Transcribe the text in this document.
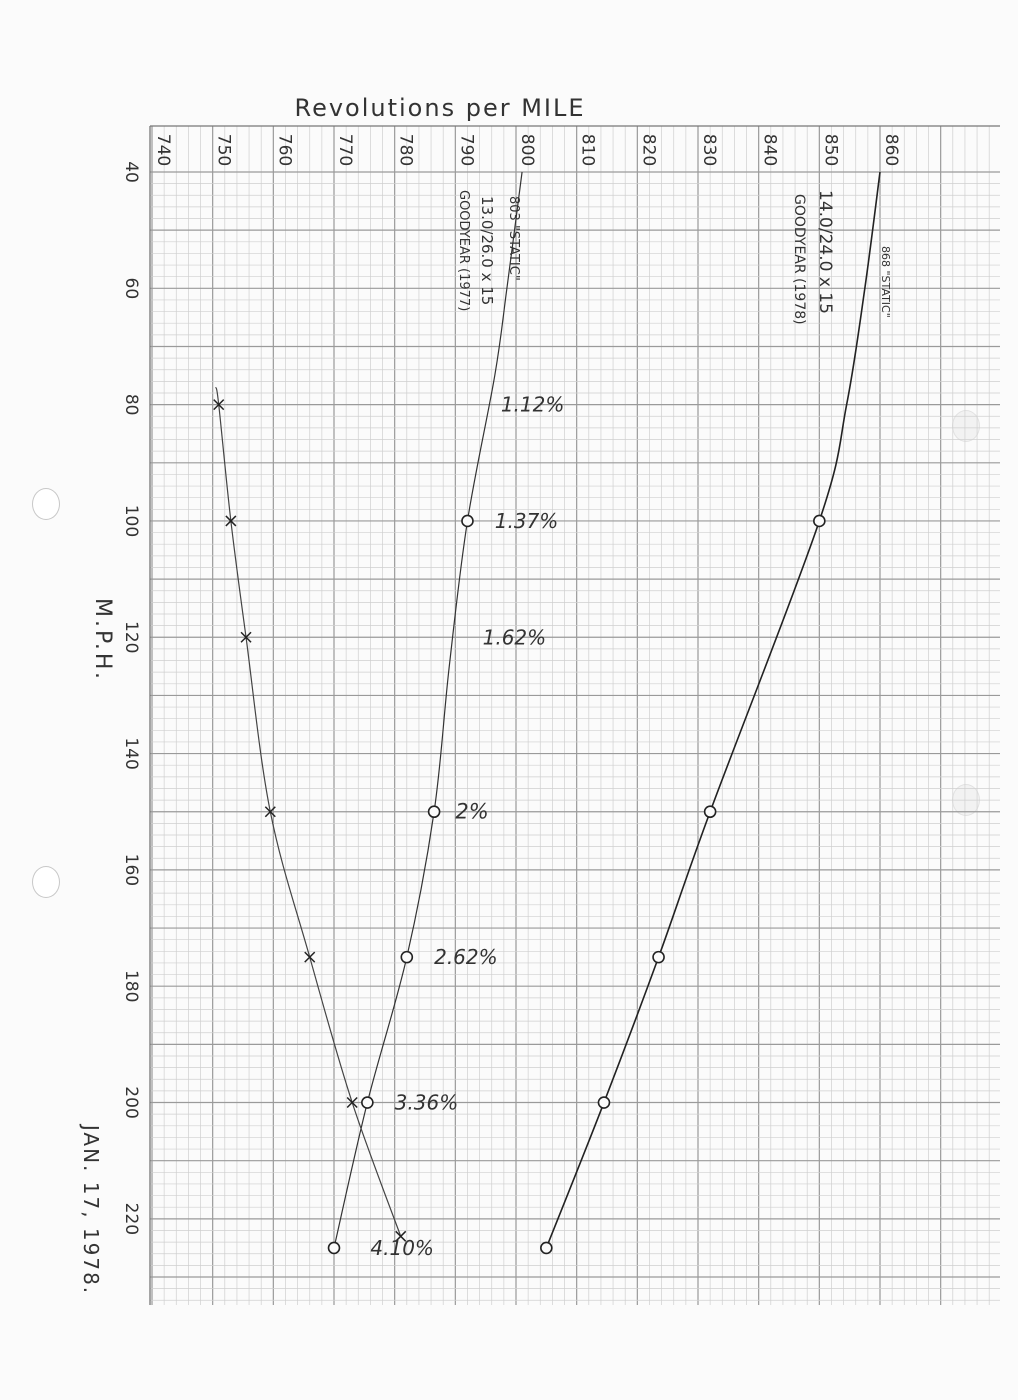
Revolutions per MILE
740 750 760 770 780 790 800 810 820 830 840 850 860
40
60
80
100
120
140
160
180
200
220
M.P.H.
JAN. 17, 1978.
1.12%
1.37%
1.62%
2%
2.62%
3.36%
4.10%
803 "STATIC"
13.0/26.0 x 15
GOODYEAR (1977)	868 "STATIC"
14.0/24.0 x 15
GOODYEAR (1978)
